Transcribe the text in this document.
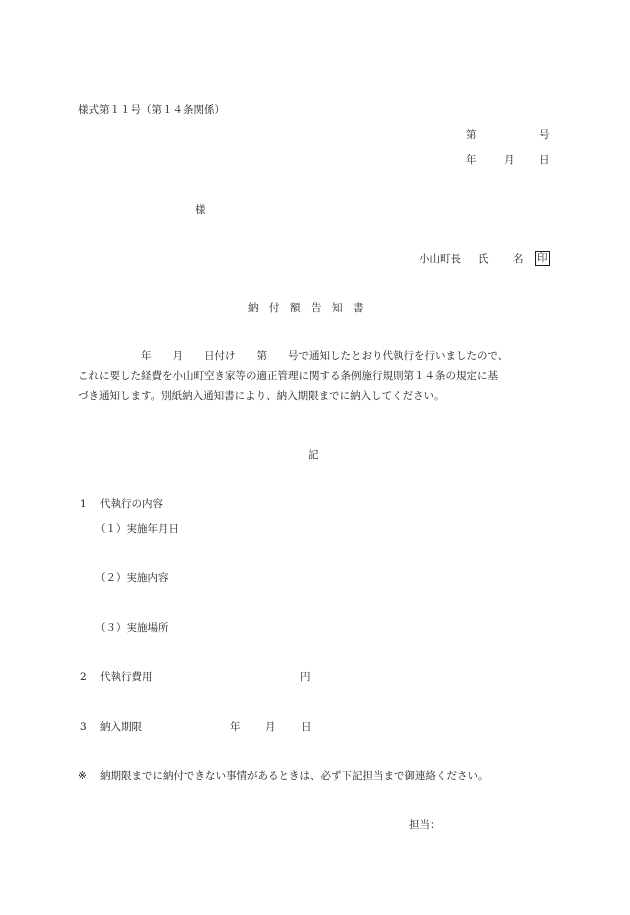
様式第１１号（第１４条関係）
第	号
年	月 日
様
小山町長 氏 名	印
納　付　額　告　知　書

　　　　　　年　　月　　日付け　　第　　号で通知したとおり代執行を行いましたので、

これに要した経費を小山町空き家等の適正管理に関する条例施行規則第１４条の規定に基

づき通知します。別紙納入通知書により、納入期限までに納入してください。

記
1 代執行の内容
（１）実施年月日
（２）実施内容
（３）実施場所
2 代執行費用	円
3 納入期限	年 月 日
※ 納期限までに納付できない事情があるときは、必ず下記担当まで御連絡ください。
担当：
